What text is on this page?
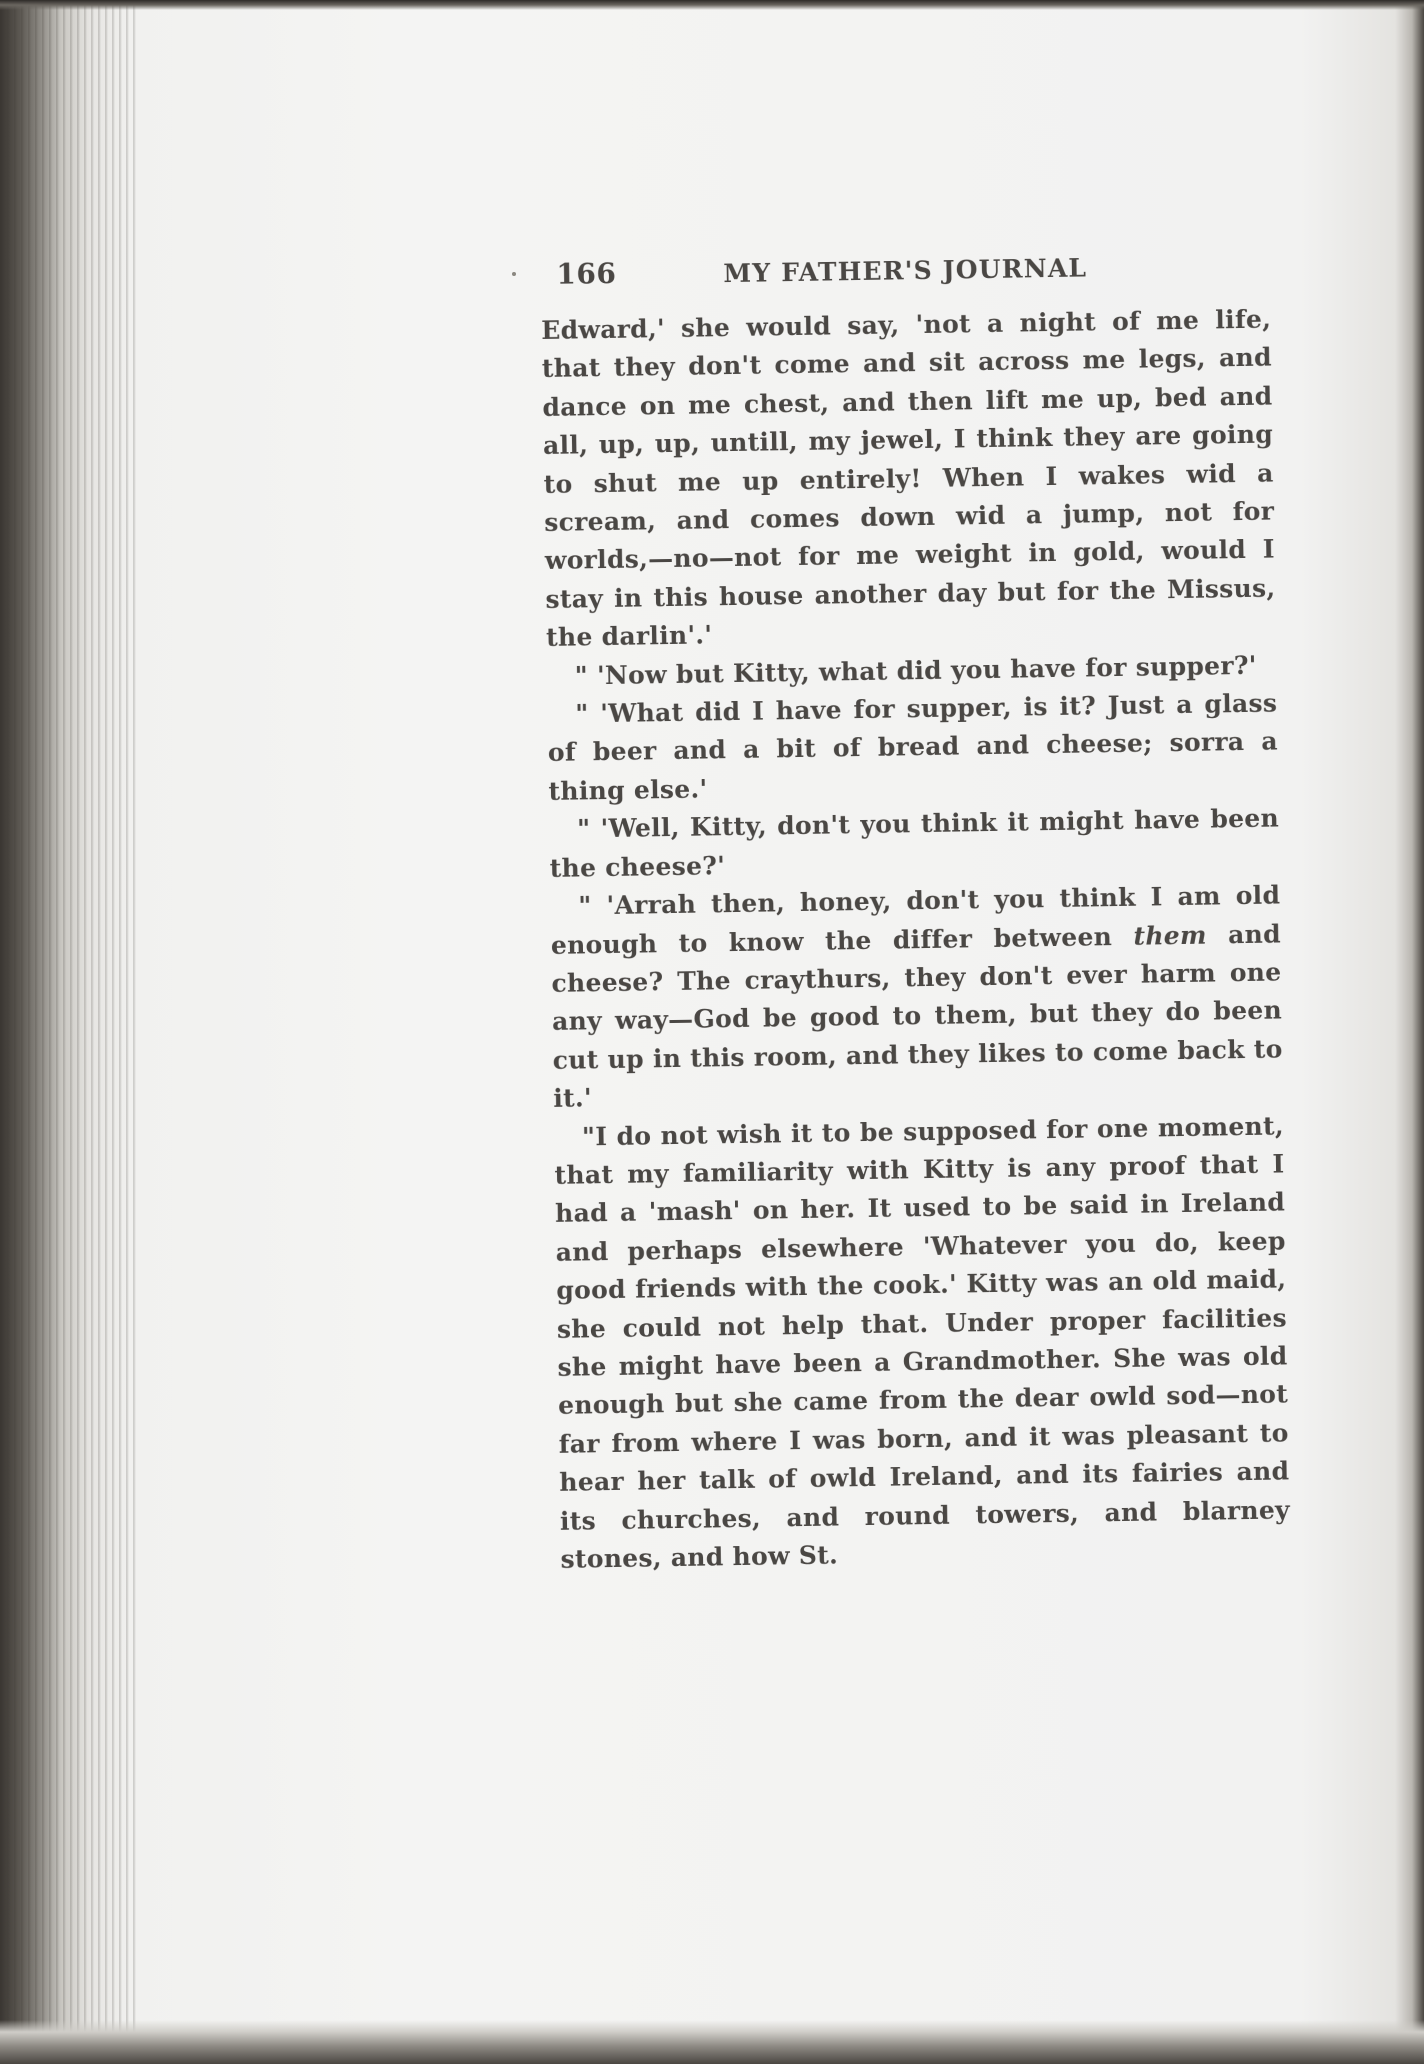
166	MY FATHER'S JOURNAL

Edward,' she would say, 'not a night of me life, that they don't come and sit across me legs, and dance on me chest, and then lift me up, bed and all, up, up, untill, my jewel, I think they are going to shut me up entirely! When I wakes wid a scream, and comes down wid a jump, not for worlds,—no—not for me weight in gold, would I stay in this house another day but for the Missus, the darlin'.'

" 'Now but Kitty, what did you have for supper?'

" 'What did I have for supper, is it? Just a glass of beer and a bit of bread and cheese; sorra a thing else.'

" 'Well, Kitty, don't you think it might have been the cheese?'

" 'Arrah then, honey, don't you think I am old enough to know the differ between them and cheese? The craythurs, they don't ever harm one any way—God be good to them, but they do been cut up in this room, and they likes to come back to it.'

"I do not wish it to be supposed for one moment, that my familiarity with Kitty is any proof that I had a 'mash' on her. It used to be said in Ireland and perhaps elsewhere 'Whatever you do, keep good friends with the cook.' Kitty was an old maid, she could not help that. Under proper facilities she might have been a Grandmother. She was old enough but she came from the dear owld sod—not far from where I was born, and it was pleasant to hear her talk of owld Ireland, and its fairies and its churches, and round towers, and blarney stones, and how St.
